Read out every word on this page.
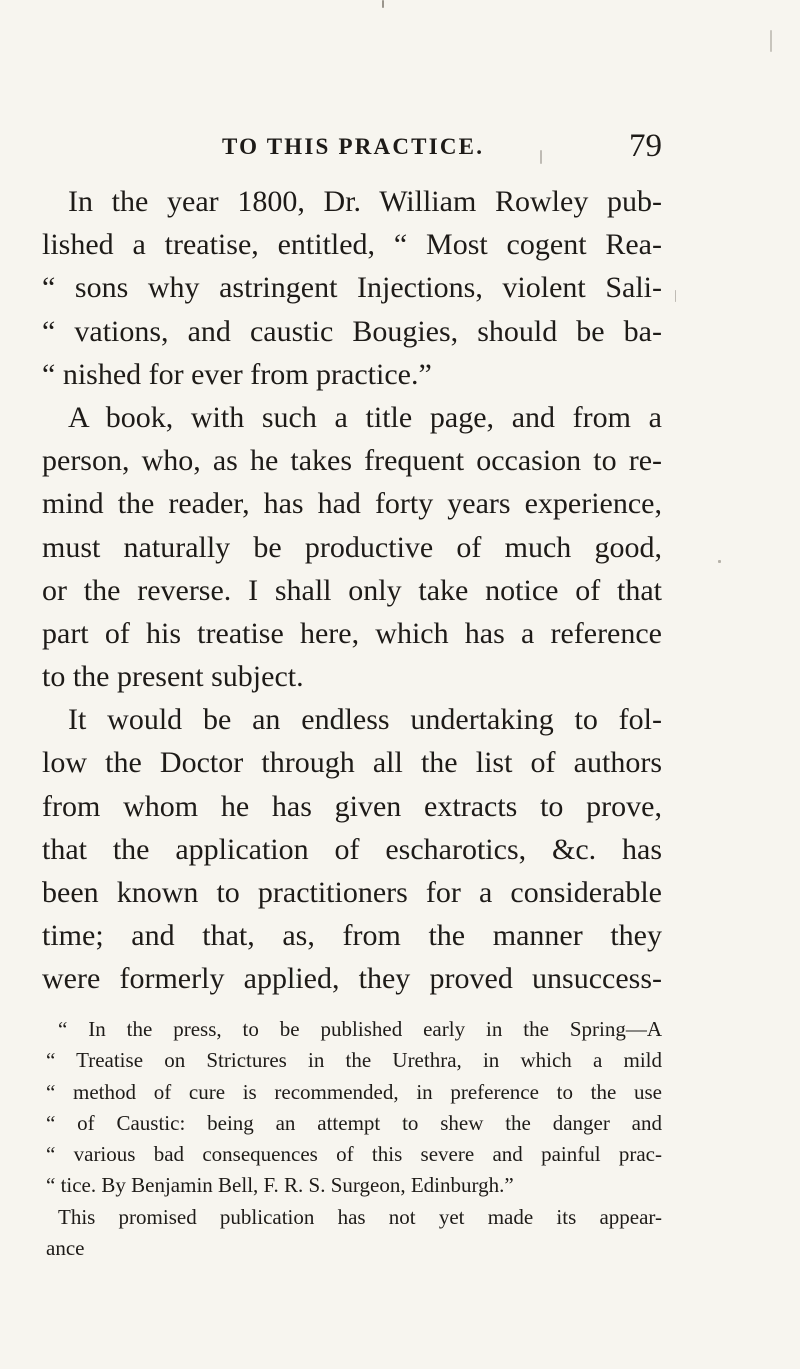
TO THIS PRACTICE.	79
In the year 1800, Dr. William Rowley pub-
lished a treatise, entitled, “ Most cogent Rea-
“ sons why astringent Injections, violent Sali-
“ vations, and caustic Bougies, should be ba-
“ nished for ever from practice.”
A book, with such a title page, and from a
person, who, as he takes frequent occasion to re-
mind the reader, has had forty years experience,
must naturally be productive of much good,
or the reverse. I shall only take notice of that
part of his treatise here, which has a reference
to the present subject.
It would be an endless undertaking to fol-
low the Doctor through all the list of authors
from whom he has given extracts to prove,
that the application of escharotics, &c. has
been known to practitioners for a considerable
time; and that, as, from the manner they
were formerly applied, they proved unsuccess-
“ In the press, to be published early in the Spring—A
“ Treatise on Strictures in the Urethra, in which a mild
“ method of cure is recommended, in preference to the use
“ of Caustic: being an attempt to shew the danger and
“ various bad consequences of this severe and painful prac-
“ tice. By Benjamin Bell, F. R. S. Surgeon, Edinburgh.”
This promised publication has not yet made its appear-
ance
